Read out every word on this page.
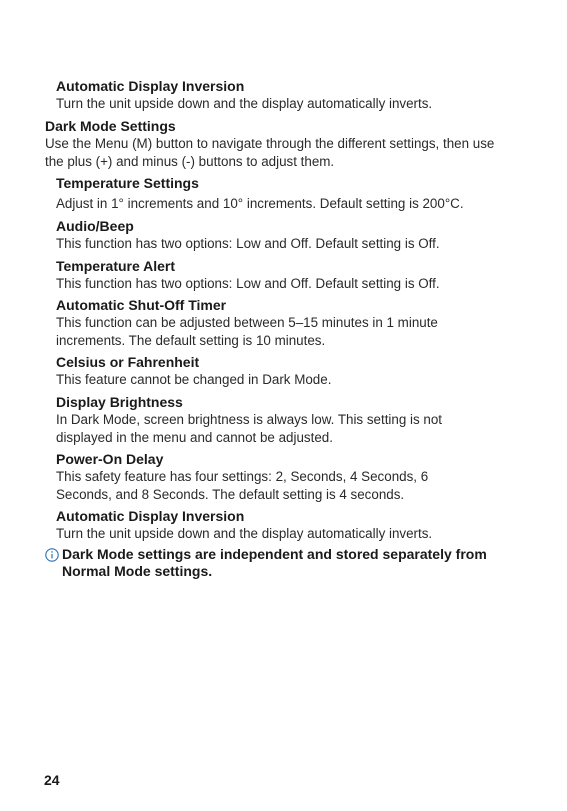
Automatic Display Inversion
Turn the unit upside down and the display automatically inverts.
Dark Mode Settings
Use the Menu (M) button to navigate through the different settings, then use the plus (+) and minus (-) buttons to adjust them.
Temperature Settings
Adjust in 1° increments and 10° increments. Default setting is 200°C.
Audio/Beep
This function has two options: Low and Off. Default setting is Off.
Temperature Alert
This function has two options: Low and Off. Default setting is Off.
Automatic Shut-Off Timer
This function can be adjusted between 5–15 minutes in 1 minute increments. The default setting is 10 minutes.
Celsius or Fahrenheit
This feature cannot be changed in Dark Mode.
Display Brightness
In Dark Mode, screen brightness is always low. This setting is not displayed in the menu and cannot be adjusted.
Power-On Delay
This safety feature has four settings: 2, Seconds, 4 Seconds, 6 Seconds, and 8 Seconds. The default setting is 4 seconds.
Automatic Display Inversion
Turn the unit upside down and the display automatically inverts.
Dark Mode settings are independent and stored separately from Normal Mode settings.
24
